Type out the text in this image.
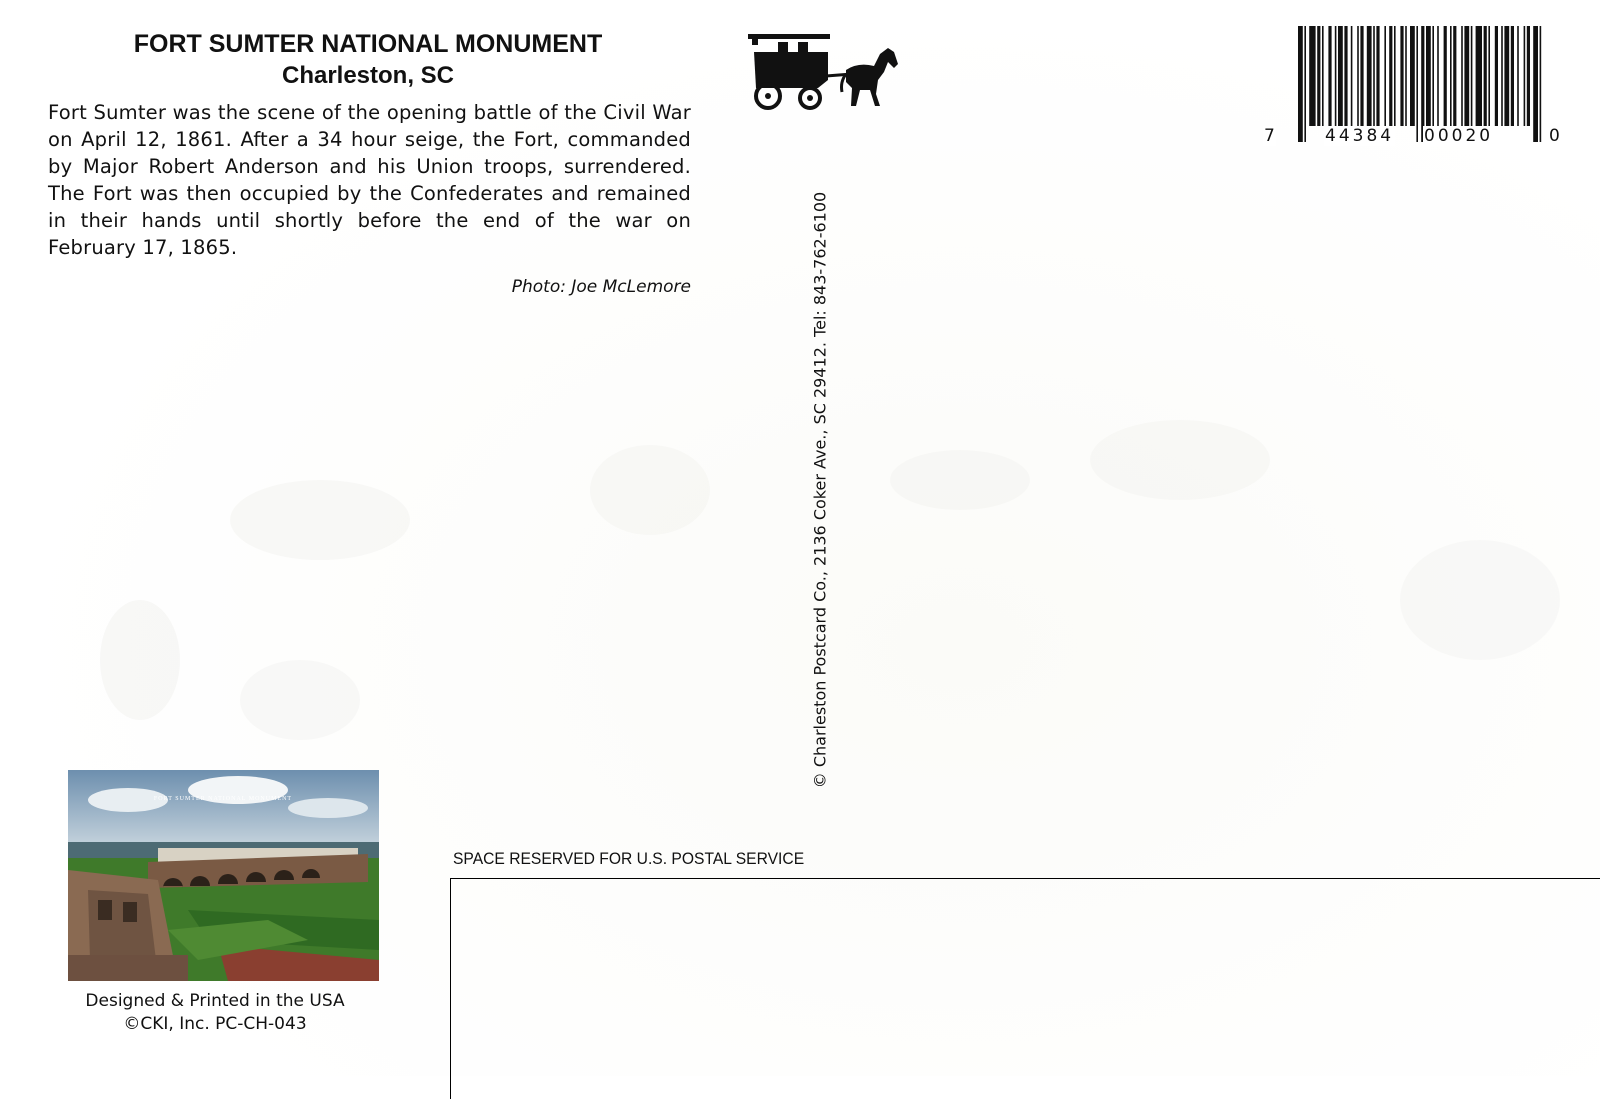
FORT SUMTER NATIONAL MONUMENT
Charleston, SC
Fort Sumter was the scene of the opening battle of the Civil War on April 12, 1861. After a 34 hour seige, the Fort, commanded by Major Robert Anderson and his Union troops, surrendered. The Fort was then occupied by the Confederates and remained in their hands until shortly before the end of the war on February 17, 1865.
Photo: Joe McLemore	© Charleston Postcard Co., 2136 Coker Ave., SC 29412. Tel: 843-762-6100
7	44384 00020	0
FORT SUMTER NATIONAL MONUMENT
Designed & Printed in the USA
©CKI, Inc. PC-CH-043
SPACE RESERVED FOR U.S. POSTAL SERVICE
